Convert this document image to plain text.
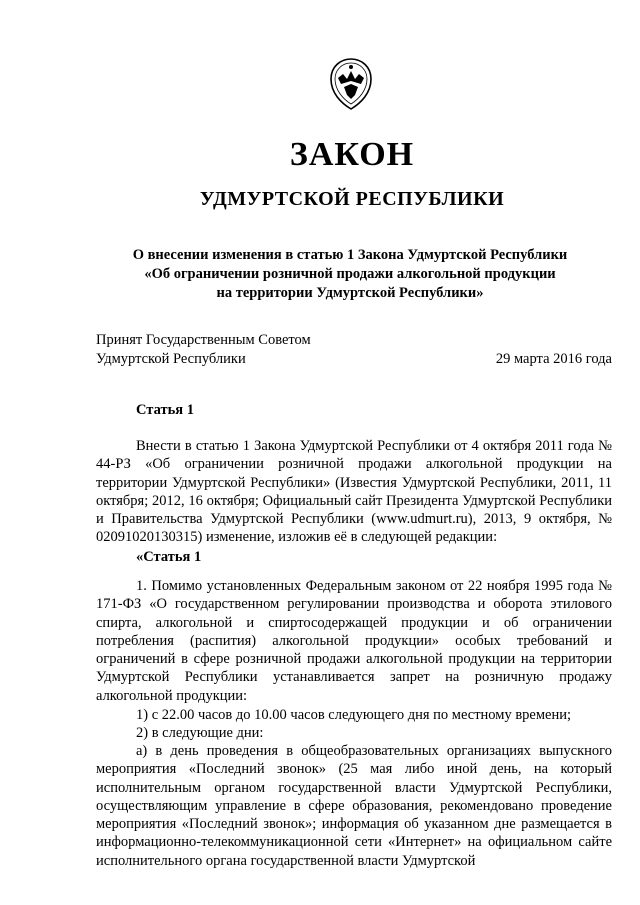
ЗАКОН
УДМУРТСКОЙ РЕСПУБЛИКИ
О внесении изменения в статью 1 Закона Удмуртской Республики
«Об ограничении розничной продажи алкогольной продукции
на территории Удмуртской Республики»
Принят Государственным Советом
Удмуртской Республики	29 марта 2016 года
Статья 1

Внести в статью 1 Закона Удмуртской Республики от 4 октября 2011 года № 44-РЗ «Об ограничении розничной продажи алкогольной продукции на территории Удмуртской Республики» (Известия Удмуртской Республики, 2011, 11 октября; 2012, 16 октября; Официальный сайт Президента Удмуртской Республики и Правительства Удмуртской Республики (www.udmurt.ru), 2013, 9 октября, № 02091020130315) изменение, изложив её в следующей редакции:

«Статья 1

1. Помимо установленных Федеральным законом от 22 ноября 1995 года № 171-ФЗ «О государственном регулировании производства и оборота этилового спирта, алкогольной и спиртосодержащей продукции и об ограничении потребления (распития) алкогольной продукции» особых требований и ограничений в сфере розничной продажи алкогольной продукции на территории Удмуртской Республики устанавливается запрет на розничную продажу алкогольной продукции:

1) с 22.00 часов до 10.00 часов следующего дня по местному времени;

2) в следующие дни:

а) в день проведения в общеобразовательных организациях выпускного мероприятия «Последний звонок» (25 мая либо иной день, на который исполнительным органом государственной власти Удмуртской Республики, осуществляющим управление в сфере образования, рекомендовано проведение мероприятия «Последний звонок»; информация об указанном дне размещается в информационно-телекоммуникационной сети «Интернет» на официальном сайте исполнительного органа государственной власти Удмуртской
